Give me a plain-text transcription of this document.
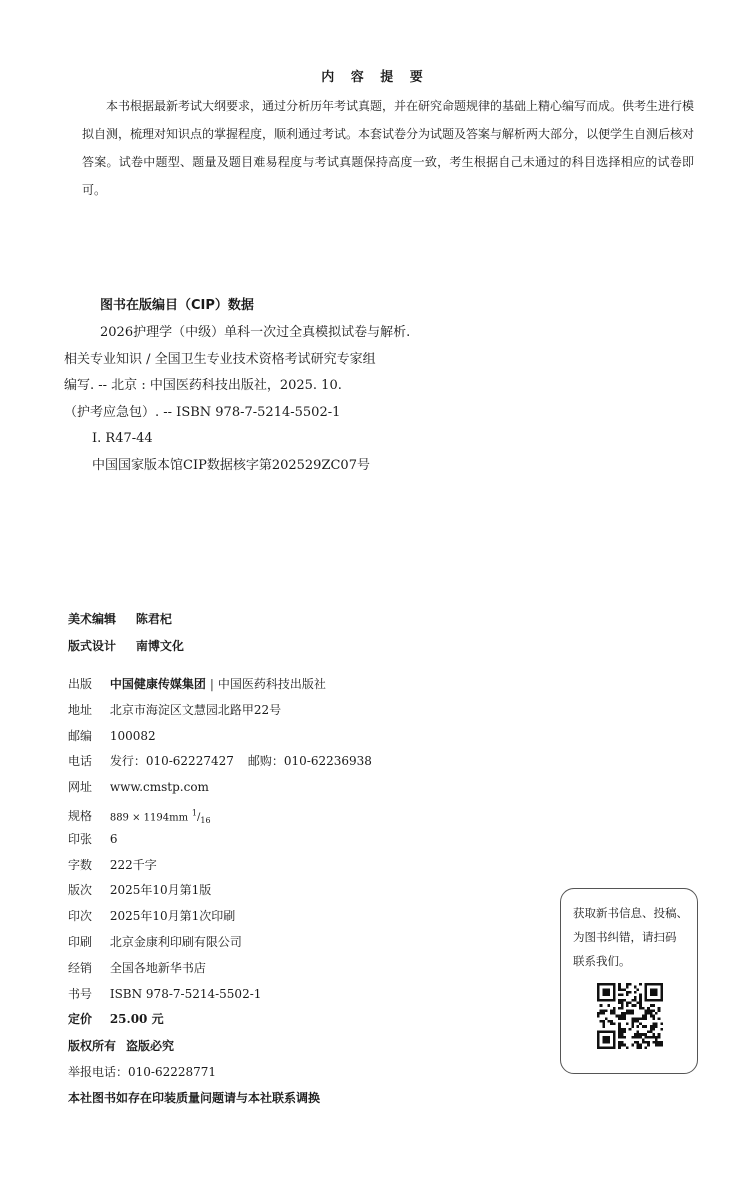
内 容 提 要

本书根据最新考试大纲要求，通过分析历年考试真题，并在研究命题规律的基础上精心编写而成。供考生进行模拟自测，梳理对知识点的掌握程度，顺利通过考试。本套试卷分为试题及答案与解析两大部分，以便学生自测后核对答案。试卷中题型、题量及题目难易程度与考试真题保持高度一致，考生根据自己未通过的科目选择相应的试卷即可。

图书在版编目（CIP）数据
2026护理学（中级）单科一次过全真模拟试卷与解析.
相关专业知识 / 全国卫生专业技术资格考试研究专家组
编写. -- 北京 : 中国医药科技出版社，2025. 10.
（护考应急包）. -- ISBN 978-7-5214-5502-1
Ⅰ. R47-44
中国国家版本馆CIP数据核字第202529ZC07号
美术编辑 陈君杞
版式设计 南博文化
出版 中国健康传媒集团 | 中国医药科技出版社
地址 北京市海淀区文慧园北路甲22号
邮编 100082
电话 发行：010-62227427 邮购：010-62236938
网址 www.cmstp.com
规格 889 × 1194mm $^1/_{16}$
印张 6
字数 222千字
版次 2025年10月第1版
印次 2025年10月第1次印刷
印刷 北京金康利印刷有限公司
经销 全国各地新华书店
书号 ISBN 978-7-5214-5502-1
定价 25.00 元
版权所有 盗版必究
举报电话：010-62228771
本社图书如存在印装质量问题请与本社联系调换
获取新书信息、投稿、
为图书纠错，请扫码
联系我们。
